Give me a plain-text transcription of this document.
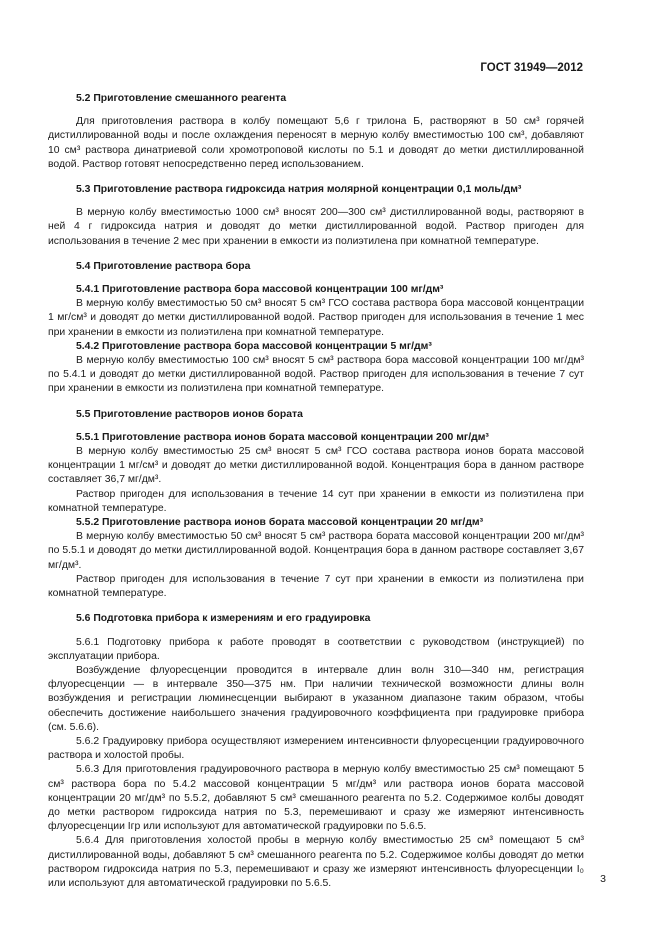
ГОСТ 31949—2012

5.2 Приготовление смешанного реагента

Для приготовления раствора в колбу помещают 5,6 г трилона Б, растворяют в 50 см³ горячей дистиллированной воды и после охлаждения переносят в мерную колбу вместимостью 100 см³, добавляют 10 см³ раствора динатриевой соли хромотроповой кислоты по 5.1 и доводят до метки дистиллированной водой. Раствор готовят непосредственно перед использованием.

5.3 Приготовление раствора гидроксида натрия молярной концентрации 0,1 моль/дм³

В мерную колбу вместимостью 1000 см³ вносят 200—300 см³ дистиллированной воды, растворяют в ней 4 г гидроксида натрия и доводят до метки дистиллированной водой. Раствор пригоден для использования в течение 2 мес при хранении в емкости из полиэтилена при комнатной температуре.

5.4 Приготовление раствора бора

5.4.1 Приготовление раствора бора массовой концентрации 100 мг/дм³

В мерную колбу вместимостью 50 см³ вносят 5 см³ ГСО состава раствора бора массовой концентрации 1 мг/см³ и доводят до метки дистиллированной водой. Раствор пригоден для использования в течение 1 мес при хранении в емкости из полиэтилена при комнатной температуре.

5.4.2 Приготовление раствора бора массовой концентрации 5 мг/дм³

В мерную колбу вместимостью 100 см³ вносят 5 см³ раствора бора массовой концентрации 100 мг/дм³ по 5.4.1 и доводят до метки дистиллированной водой. Раствор пригоден для использования в течение 7 сут при хранении в емкости из полиэтилена при комнатной температуре.

5.5 Приготовление растворов ионов бората

5.5.1 Приготовление раствора ионов бората массовой концентрации 200 мг/дм³

В мерную колбу вместимостью 25 см³ вносят 5 см³ ГСО состава раствора ионов бората массовой концентрации 1 мг/см³ и доводят до метки дистиллированной водой. Концентрация бора в данном растворе составляет 36,7 мг/дм³.

Раствор пригоден для использования в течение 14 сут при хранении в емкости из полиэтилена при комнатной температуре.

5.5.2 Приготовление раствора ионов бората массовой концентрации 20 мг/дм³

В мерную колбу вместимостью 50 см³ вносят 5 см³ раствора бората массовой концентрации 200 мг/дм³ по 5.5.1 и доводят до метки дистиллированной водой. Концентрация бора в данном растворе составляет 3,67 мг/дм³.

Раствор пригоден для использования в течение 7 сут при хранении в емкости из полиэтилена при комнатной температуре.

5.6 Подготовка прибора к измерениям и его градуировка

5.6.1 Подготовку прибора к работе проводят в соответствии с руководством (инструкцией) по эксплуатации прибора.

Возбуждение флуоресценции проводится в интервале длин волн 310—340 нм, регистрация флуоресценции — в интервале 350—375 нм. При наличии технической возможности длины волн возбуждения и регистрации люминесценции выбирают в указанном диапазоне таким образом, чтобы обеспечить достижение наибольшего значения градуировочного коэффициента при градуировке прибора (см. 5.6.6).

5.6.2 Градуировку прибора осуществляют измерением интенсивности флуоресценции градуировочного раствора и холостой пробы.

5.6.3 Для приготовления градуировочного раствора в мерную колбу вместимостью 25 см³ помещают 5 см³ раствора бора по 5.4.2 массовой концентрации 5 мг/дм³ или раствора ионов бората массовой концентрации 20 мг/дм³ по 5.5.2, добавляют 5 см³ смешанного реагента по 5.2. Содержимое колбы доводят до метки раствором гидроксида натрия по 5.3, перемешивают и сразу же измеряют интенсивность флуоресценции Iгр или используют для автоматической градуировки по 5.6.5.

5.6.4 Для приготовления холостой пробы в мерную колбу вместимостью 25 см³ помещают 5 см³ дистиллированной воды, добавляют 5 см³ смешанного реагента по 5.2. Содержимое колбы доводят до метки раствором гидроксида натрия по 5.3, перемешивают и сразу же измеряют интенсивность флуоресценции I₀ или используют для автоматической градуировки по 5.6.5.	3
